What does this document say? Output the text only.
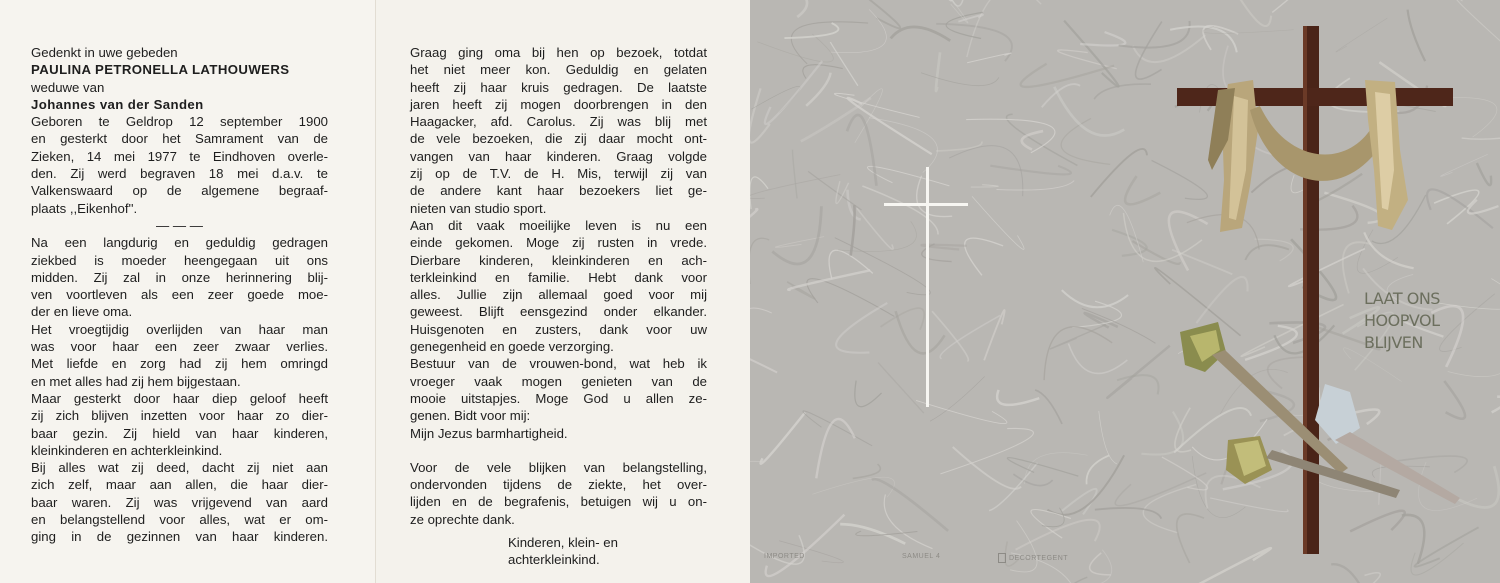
Gedenkt in uwe gebeden
PAULINA PETRONELLA LATHOUWERS
weduwe van
Johannes van der Sanden
Geboren te Geldrop 12 september 1900
en gesterkt door het Samrament van de
Zieken, 14 mei 1977 te Eindhoven overle-
den. Zij werd begraven 18 mei d.a.v. te
Valkenswaard op de algemene begraaf-
plaats ,,Eikenhof''.
— — —
Na een langdurig en geduldig gedragen
ziekbed is moeder heengegaan uit ons
midden. Zij zal in onze herinnering blij-
ven voortleven als een zeer goede moe-
der en lieve oma.
Het vroegtijdig overlijden van haar man
was voor haar een zeer zwaar verlies.
Met liefde en zorg had zij hem omringd
en met alles had zij hem bijgestaan.
Maar gesterkt door haar diep geloof heeft
zij zich blijven inzetten voor haar zo dier-
baar gezin. Zij hield van haar kinderen,
kleinkinderen en achterkleinkind.
Bij alles wat zij deed, dacht zij niet aan
zich zelf, maar aan allen, die haar dier-
baar waren. Zij was vrijgevend van aard
en belangstellend voor alles, wat er om-
ging in de gezinnen van haar kinderen.
Graag ging oma bij hen op bezoek, totdat
het niet meer kon. Geduldig en gelaten
heeft zij haar kruis gedragen. De laatste
jaren heeft zij mogen doorbrengen in den
Haagacker, afd. Carolus. Zij was blij met
de vele bezoeken, die zij daar mocht ont-
vangen van haar kinderen. Graag volgde
zij op de T.V. de H. Mis, terwijl zij van
de andere kant haar bezoekers liet ge-
nieten van studio sport.
Aan dit vaak moeilijke leven is nu een
einde gekomen. Moge zij rusten in vrede.
Dierbare kinderen, kleinkinderen en ach-
terkleinkind en familie. Hebt dank voor
alles. Jullie zijn allemaal goed voor mij
geweest. Blijft eensgezind onder elkander.
Huisgenoten en zusters, dank voor uw
genegenheid en goede verzorging.
Bestuur van de vrouwen-bond, wat heb ik
vroeger vaak mogen genieten van de
mooie uitstapjes. Moge God u allen ze-
genen. Bidt voor mij:
Mijn Jezus barmhartigheid.
Voor de vele blijken van belangstelling,
ondervonden tijdens de ziekte, het over-
lijden en de begrafenis, betuigen wij u on-
ze oprechte dank.
Kinderen, klein- en
achterkleinkind.
LAAT ONS
HOOPVOL
BLIJVEN
IMPORTED	SAMUEL 4	DECORTEGENT
